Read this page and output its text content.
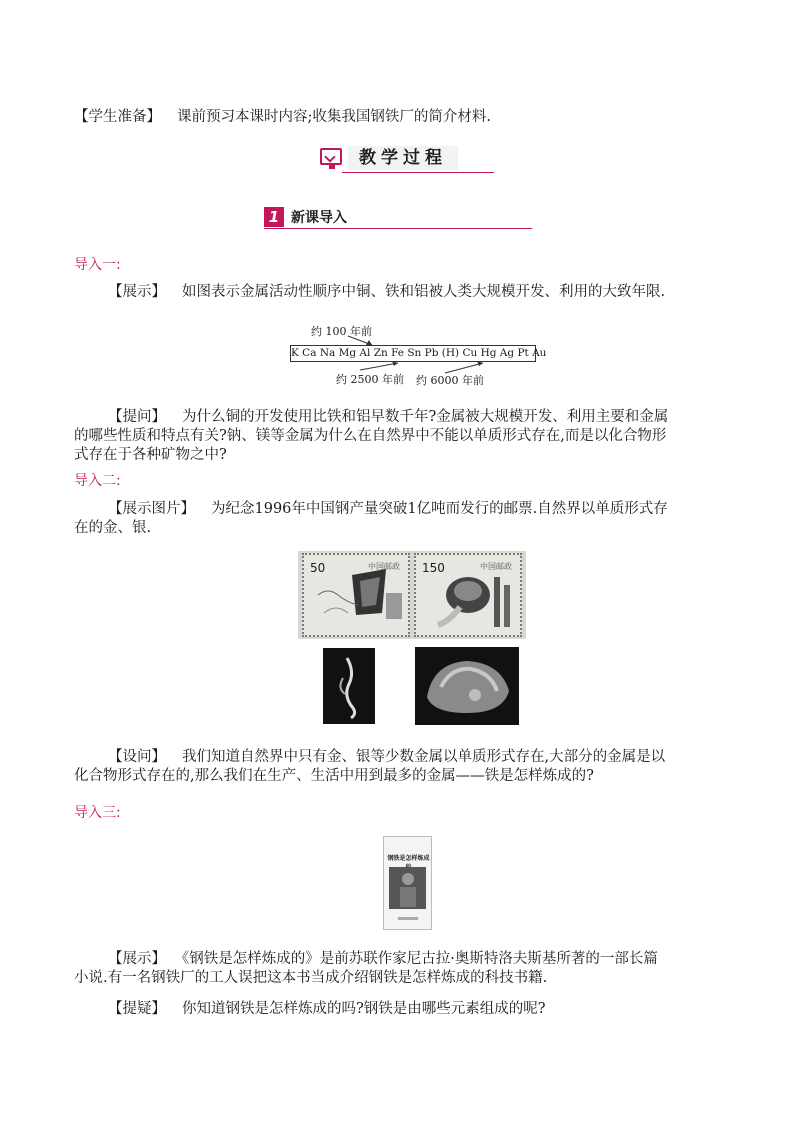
【学生准备】 课前预习本课时内容;收集我国钢铁厂的简介材料.
教学过程
1 新课导入
导入一:
【展示】 如图表示金属活动性顺序中铜、铁和铝被人类大规模开发、利用的大致年限.
约 100 年前
K Ca Na Mg Al Zn Fe Sn Pb (H) Cu Hg Ag Pt Au
约 2500 年前 约 6000 年前
【提问】 为什么铜的开发使用比铁和铝早数千年?金属被大规模开发、利用主要和金属
的哪些性质和特点有关?钠、镁等金属为什么在自然界中不能以单质形式存在,而是以化合物形
式存在于各种矿物之中?
导入二:
【展示图片】 为纪念1996年中国钢产量突破1亿吨而发行的邮票.自然界以单质形式存
在的金、银.
50	中国邮政 150	中国邮政
【设问】 我们知道自然界中只有金、银等少数金属以单质形式存在,大部分的金属是以
化合物形式存在的,那么我们在生产、生活中用到最多的金属——铁是怎样炼成的?
导入三:
钢铁是怎样炼成
【展示】 《钢铁是怎样炼成的》是前苏联作家尼古拉·奥斯特洛夫斯基所著的一部长篇
小说.有一名钢铁厂的工人误把这本书当成介绍钢铁是怎样炼成的科技书籍.
【提疑】 你知道钢铁是怎样炼成的吗?钢铁是由哪些元素组成的呢?
